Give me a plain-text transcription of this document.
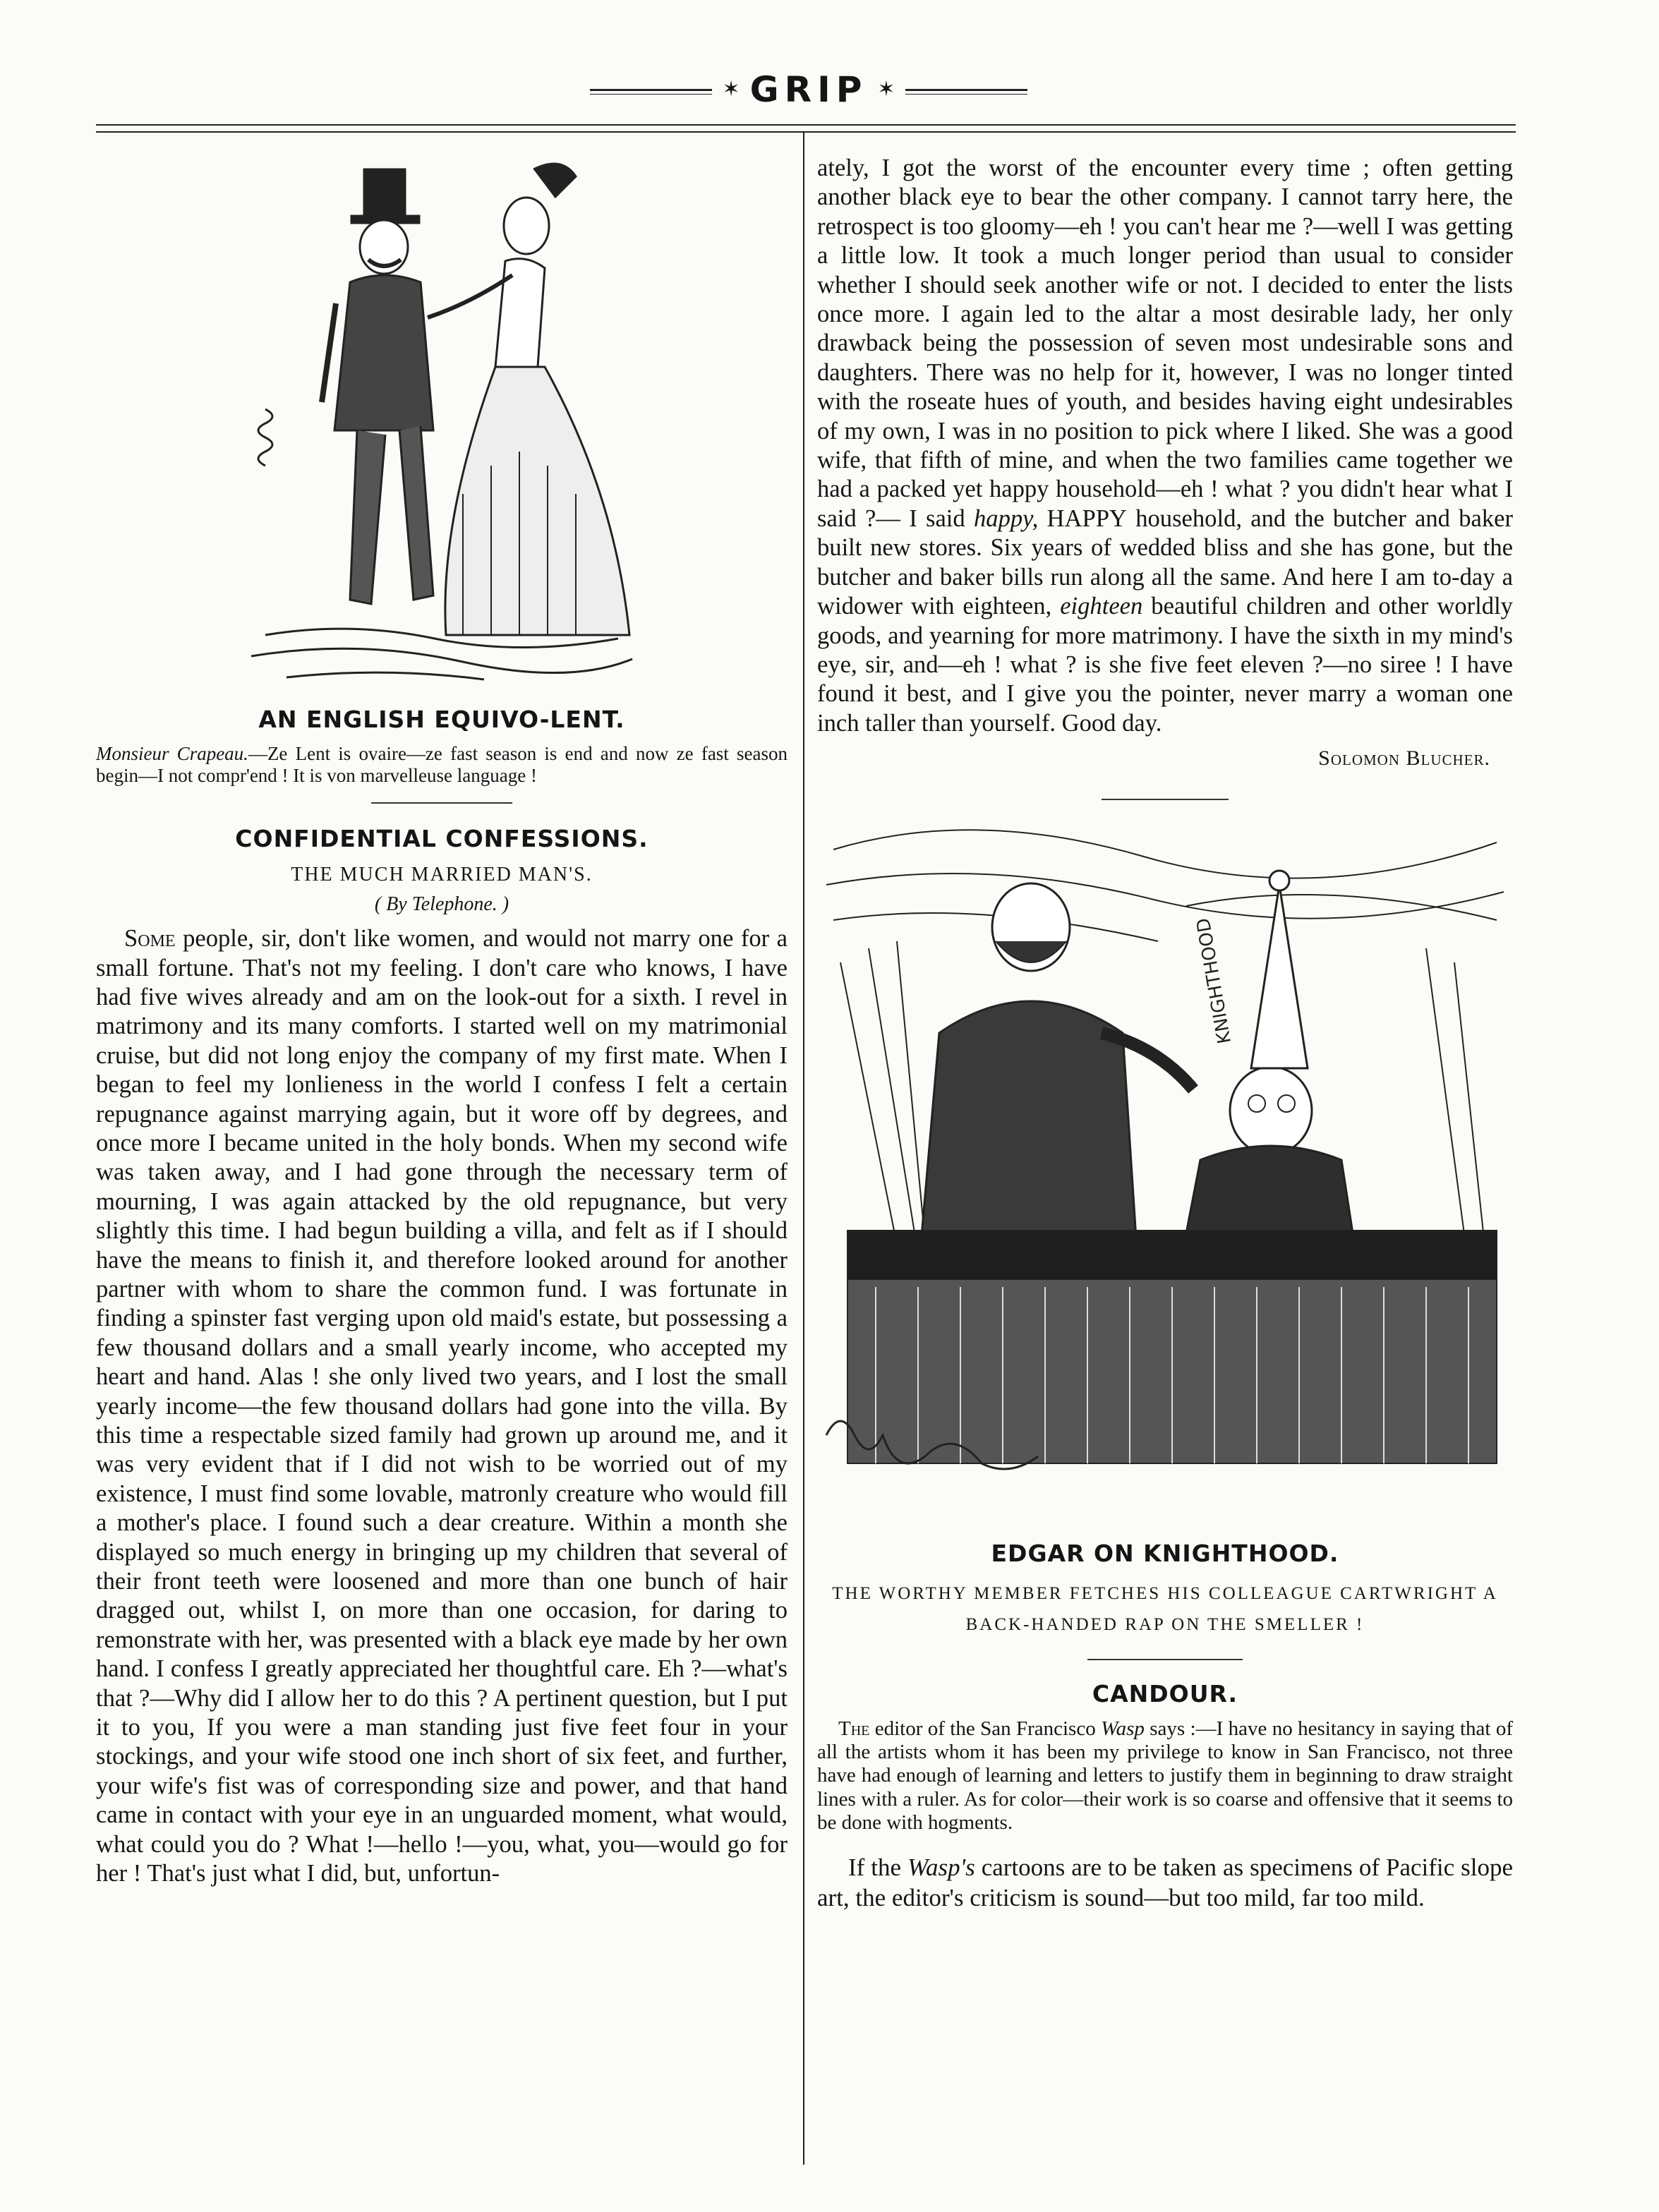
✶ GRIP ✶
AN ENGLISH EQUIVO-LENT.

Monsieur Crapeau.—Ze Lent is ovaire—ze fast season is end and now ze fast season begin—I not compr'end ! It is von marvelleuse language !

CONFIDENTIAL CONFESSIONS.
THE MUCH MARRIED MAN'S.
( By Telephone. )

Some people, sir, don't like women, and would not marry one for a small fortune. That's not my feeling. I don't care who knows, I have had five wives already and am on the look-out for a sixth. I revel in matrimony and its many comforts. I started well on my matrimonial cruise, but did not long enjoy the company of my first mate. When I began to feel my lonlieness in the world I confess I felt a certain repugnance against marrying again, but it wore off by degrees, and once more I became united in the holy bonds. When my second wife was taken away, and I had gone through the necessary term of mourning, I was again attacked by the old repugnance, but very slightly this time. I had begun building a villa, and felt as if I should have the means to finish it, and therefore looked around for another partner with whom to share the common fund. I was fortunate in finding a spinster fast verging upon old maid's estate, but possessing a few thousand dollars and a small yearly income, who accepted my heart and hand. Alas ! she only lived two years, and I lost the small yearly income—the few thousand dollars had gone into the villa. By this time a respectable sized family had grown up around me, and it was very evident that if I did not wish to be worried out of my existence, I must find some lovable, matronly creature who would fill a mother's place. I found such a dear creature. Within a month she displayed so much energy in bringing up my children that several of their front teeth were loosened and more than one bunch of hair dragged out, whilst I, on more than one occasion, for daring to remonstrate with her, was presented with a black eye made by her own hand. I confess I greatly appreciated her thoughtful care. Eh ?—what's that ?—Why did I allow her to do this ? A pertinent question, but I put it to you, If you were a man standing just five feet four in your stockings, and your wife stood one inch short of six feet, and further, your wife's fist was of corresponding size and power, and that hand came in contact with your eye in an unguarded moment, what would, what could you do ? What !—hello !—you, what, you—would go for her ! That's just what I did, but, unfortun-

ately, I got the worst of the encounter every time ; often getting another black eye to bear the other company. I cannot tarry here, the retrospect is too gloomy—eh ! you can't hear me ?—well I was getting a little low. It took a much longer period than usual to consider whether I should seek another wife or not. I decided to enter the lists once more. I again led to the altar a most desirable lady, her only drawback being the possession of seven most undesirable sons and daughters. There was no help for it, however, I was no longer tinted with the roseate hues of youth, and besides having eight undesirables of my own, I was in no position to pick where I liked. She was a good wife, that fifth of mine, and when the two families came together we had a packed yet happy household—eh ! what ? you didn't hear what I said ?— I said happy, HAPPY household, and the butcher and baker built new stores. Six years of wedded bliss and she has gone, but the butcher and baker bills run along all the same. And here I am to-day a widower with eighteen, eighteen beautiful children and other worldly goods, and yearning for more matrimony. I have the sixth in my mind's eye, sir, and—eh ! what ? is she five feet eleven ?—no siree ! I have found it best, and I give you the pointer, never marry a woman one inch taller than yourself. Good day.

Solomon Blucher.
KNIGHTHOOD
EDGAR ON KNIGHTHOOD.

THE WORTHY MEMBER FETCHES HIS COLLEAGUE CARTWRIGHT A BACK-HANDED RAP ON THE SMELLER !

CANDOUR.

The editor of the San Francisco Wasp says :—I have no hesitancy in saying that of all the artists whom it has been my privilege to know in San Francisco, not three have had enough of learning and letters to justify them in beginning to draw straight lines with a ruler. As for color—their work is so coarse and offensive that it seems to be done with hogments.

If the Wasp's cartoons are to be taken as specimens of Pacific slope art, the editor's criticism is sound—but too mild, far too mild.
